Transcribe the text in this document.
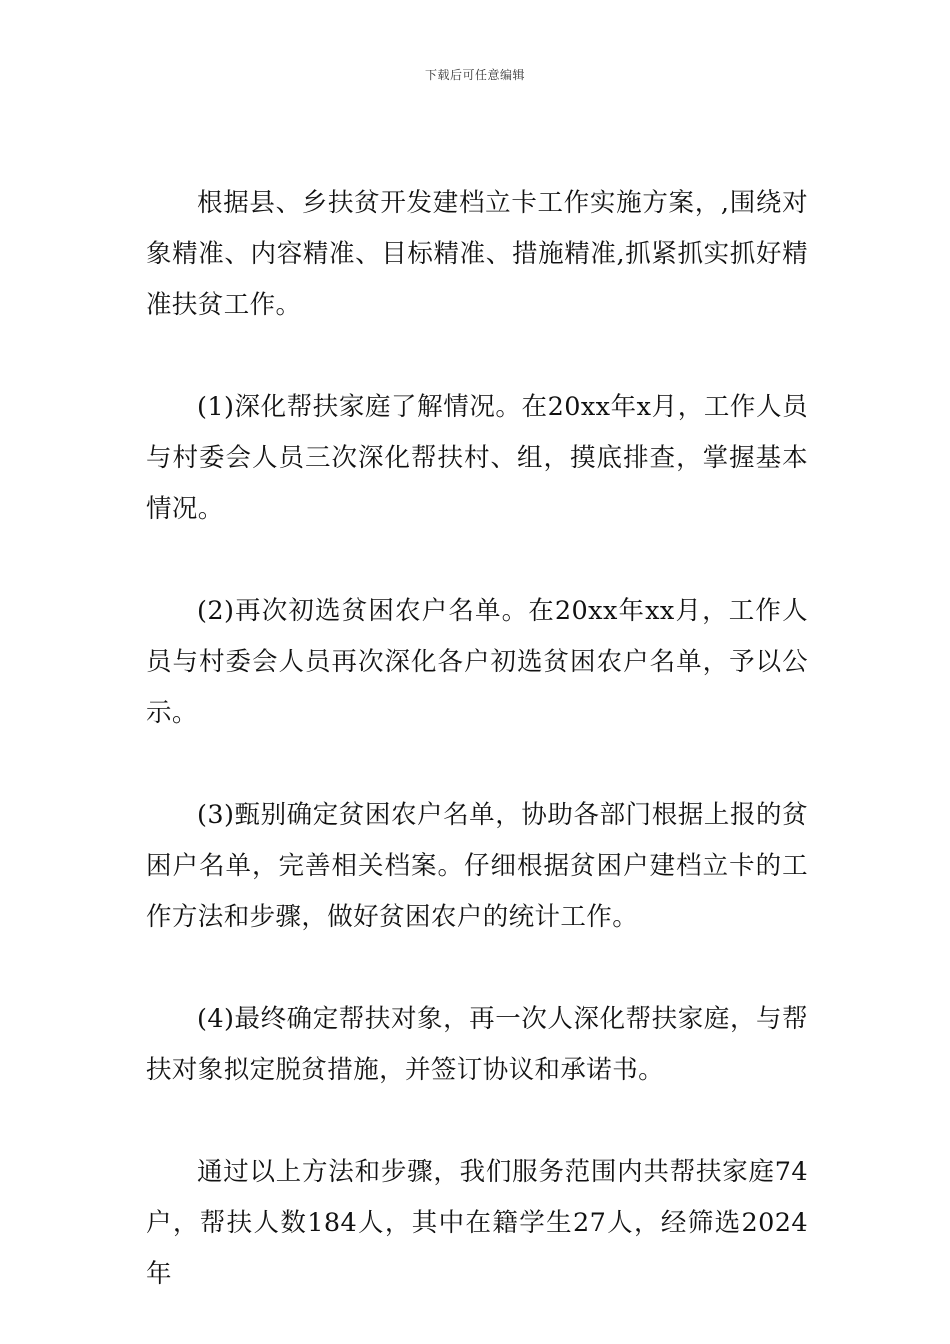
下载后可任意编辑

根据县、乡扶贫开发建档立卡工作实施方案，,围绕对象精准、内容精准、目标精准、措施精准,抓紧抓实抓好精准扶贫工作。

(1)深化帮扶家庭了解情况。在20xx年x月，工作人员与村委会人员三次深化帮扶村、组，摸底排查，掌握基本情况。

(2)再次初选贫困农户名单。在20xx年xx月，工作人员与村委会人员再次深化各户初选贫困农户名单，予以公示。

(3)甄别确定贫困农户名单，协助各部门根据上报的贫困户名单，完善相关档案。仔细根据贫困户建档立卡的工作方法和步骤，做好贫困农户的统计工作。

(4)最终确定帮扶对象，再一次人深化帮扶家庭，与帮扶对象拟定脱贫措施，并签订协议和承诺书。

通过以上方法和步骤，我们服务范围内共帮扶家庭74户，帮扶人数184人，其中在籍学生27人，经筛选2024年
